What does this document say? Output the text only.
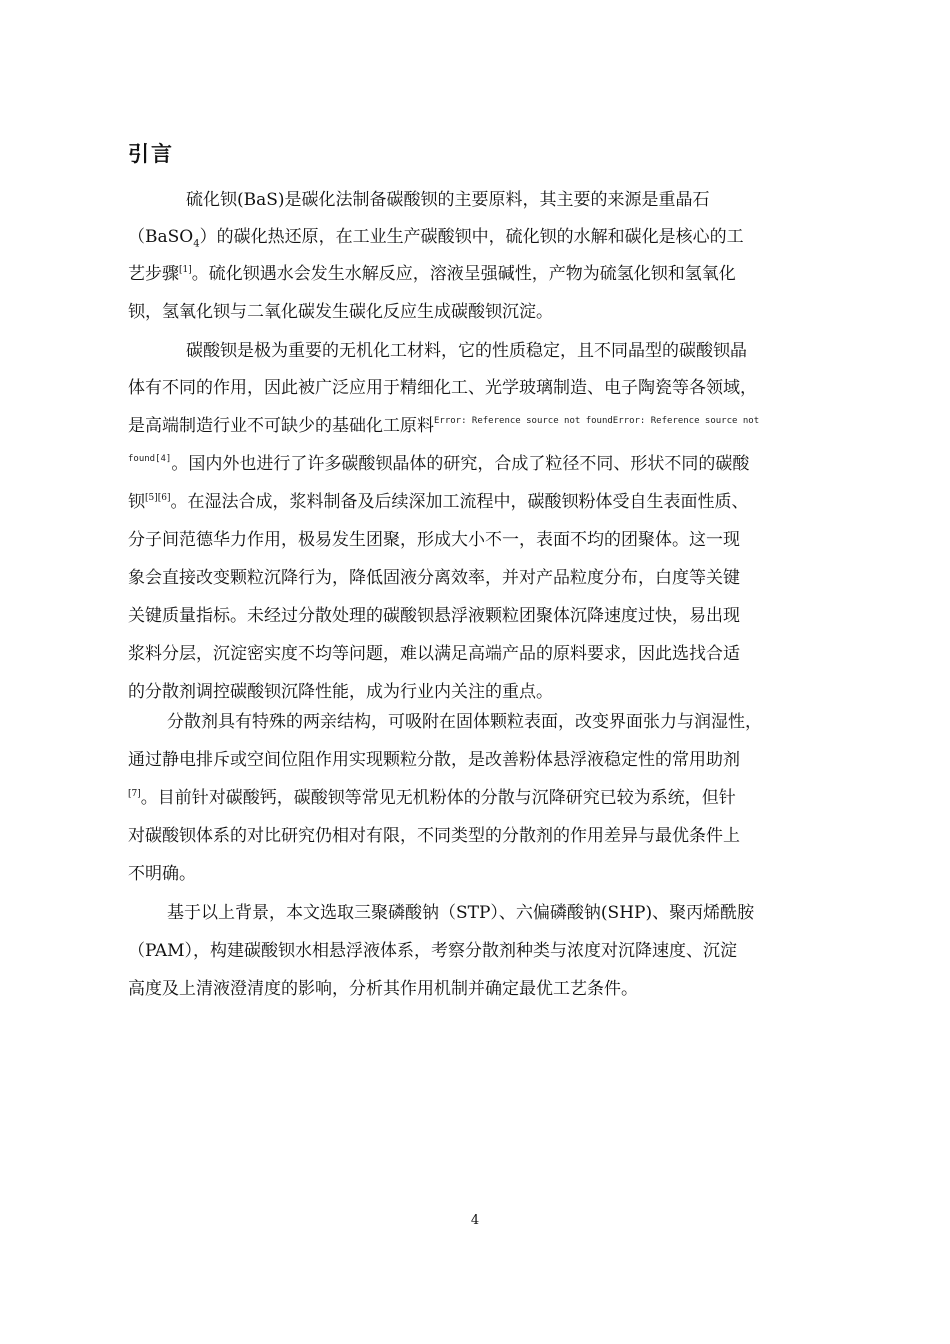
引言
硫化钡(BaS)是碳化法制备碳酸钡的主要原料，其主要的来源是重晶石
（BaSO$_4$）的碳化热还原，在工业生产碳酸钡中，硫化钡的水解和碳化是核心的工
艺步骤[1]。硫化钡遇水会发生水解反应，溶液呈强碱性，产物为硫氢化钡和氢氧化
钡，氢氧化钡与二氧化碳发生碳化反应生成碳酸钡沉淀。
碳酸钡是极为重要的无机化工材料，它的性质稳定，且不同晶型的碳酸钡晶
体有不同的作用，因此被广泛应用于精细化工、光学玻璃制造、电子陶瓷等各领域，
是高端制造行业不可缺少的基础化工原料$^{Error: Reference source not foundError: Reference source not}$
$^{found[4]}$。国内外也进行了许多碳酸钡晶体的研究，合成了粒径不同、形状不同的碳酸
钡[5][6]。在湿法合成，浆料制备及后续深加工流程中，碳酸钡粉体受自生表面性质、
分子间范德华力作用，极易发生团聚，形成大小不一，表面不均的团聚体。这一现
象会直接改变颗粒沉降行为，降低固液分离效率，并对产品粒度分布，白度等关键
关键质量指标。未经过分散处理的碳酸钡悬浮液颗粒团聚体沉降速度过快，易出现
浆料分层，沉淀密实度不均等问题，难以满足高端产品的原料要求，因此选找合适
的分散剂调控碳酸钡沉降性能，成为行业内关注的重点。
分散剂具有特殊的两亲结构，可吸附在固体颗粒表面，改变界面张力与润湿性，
通过静电排斥或空间位阻作用实现颗粒分散，是改善粉体悬浮液稳定性的常用助剂
[7]。目前针对碳酸钙，碳酸钡等常见无机粉体的分散与沉降研究已较为系统，但针
对碳酸钡体系的对比研究仍相对有限，不同类型的分散剂的作用差异与最优条件上
不明确。
基于以上背景，本文选取三聚磷酸钠（STP）、六偏磷酸钠(SHP)、聚丙烯酰胺
（PAM），构建碳酸钡水相悬浮液体系，考察分散剂种类与浓度对沉降速度、沉淀
高度及上清液澄清度的影响，分析其作用机制并确定最优工艺条件。
4
